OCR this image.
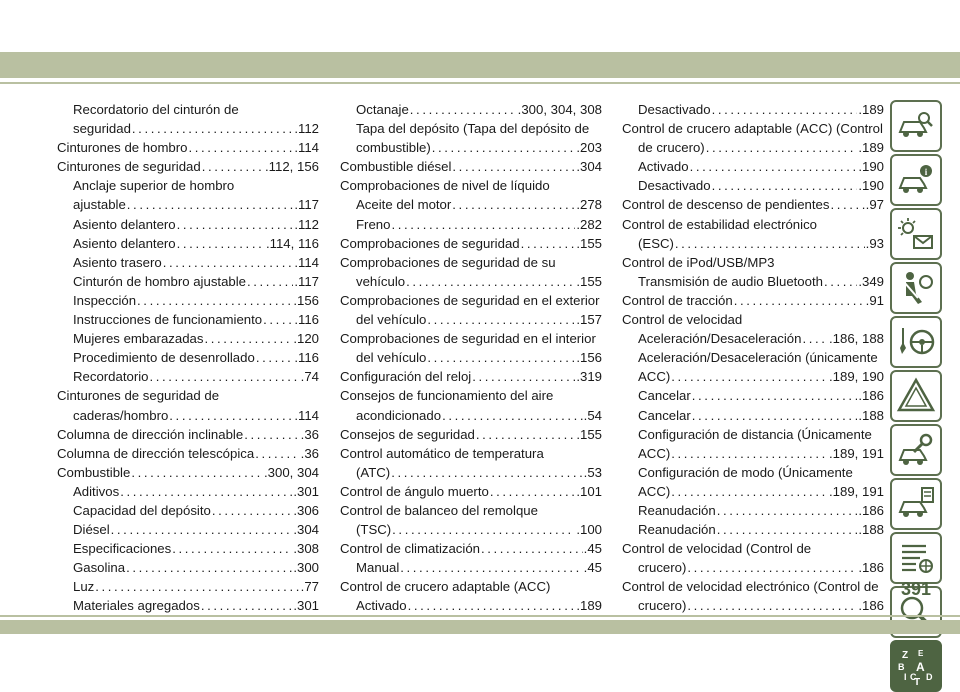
Recordatorio del cinturón de
seguridad .....	.112
Cinturones de hombro .....	.114
Cinturones de seguridad .....	.112, 156
Anclaje superior de hombro
ajustable .....	.117
Asiento delantero .....	.112
Asiento delantero .....	.114, 116
Asiento trasero .....	.114
Cinturón de hombro ajustable .....	.117
Inspección .....	.156
Instrucciones de funcionamiento ..... .116
Mujeres embarazadas .....	.120
Procedimiento de desenrollado .....	.116
Recordatorio .....	.74
Cinturones de seguridad de
caderas/hombro .....	.114
Columna de dirección inclinable .....	.36
Columna de dirección telescópica .....	.36
Combustible .....	.300, 304
Aditivos .....	.301
Capacidad del depósito .....	.306
Diésel .....	.304
Especificaciones .....	.308
Gasolina .....	.300
Luz .....	.77
Materiales agregados .....	.301
Octanaje .....	.300, 304, 308
Tapa del depósito (Tapa del depósito de
combustible) .....	.203
Combustible diésel .....	.304
Comprobaciones de nivel de líquido
Aceite del motor .....	.278
Freno .....	.282
Comprobaciones de seguridad .....	.155
Comprobaciones de seguridad de su
vehículo .....	.155
Comprobaciones de seguridad en el exterior
del vehículo .....	.157
Comprobaciones de seguridad en el interior
del vehículo .....	.156
Configuración del reloj .....	.319
Consejos de funcionamiento del aire
acondicionado .....	.54
Consejos de seguridad .....	.155
Control automático de temperatura
(ATC) .....	.53
Control de ángulo muerto .....	.101
Control de balanceo del remolque
(TSC) .....	.100
Control de climatización .....	.45
Manual .....	.45
Control de crucero adaptable (ACC)
Activado .....	.189
Desactivado .....	.189
Control de crucero adaptable (ACC) (Control
de crucero) .....	.189
Activado .....	.190
Desactivado .....	.190
Control de descenso de pendientes .....	.97
Control de estabilidad electrónico
(ESC) .....	.93
Control de iPod/USB/MP3
Transmisión de audio Bluetooth .....	.349
Control de tracción .....	.91
Control de velocidad
Aceleración/Desaceleración ..... .186, 188
Aceleración/Desaceleración (únicamente
ACC) .....	.189, 190
Cancelar .....	.186
Cancelar .....	.188
Configuración de distancia (Únicamente
ACC) .....	.189, 191
Configuración de modo (Únicamente
ACC) .....	.189, 191
Reanudación .....	.186
Reanudación .....	.188
Control de velocidad (Control de
crucero) .....	.186
Control de velocidad electrónico (Control de
crucero) .....	.186
i
Z E
B A
I C
T D
391
